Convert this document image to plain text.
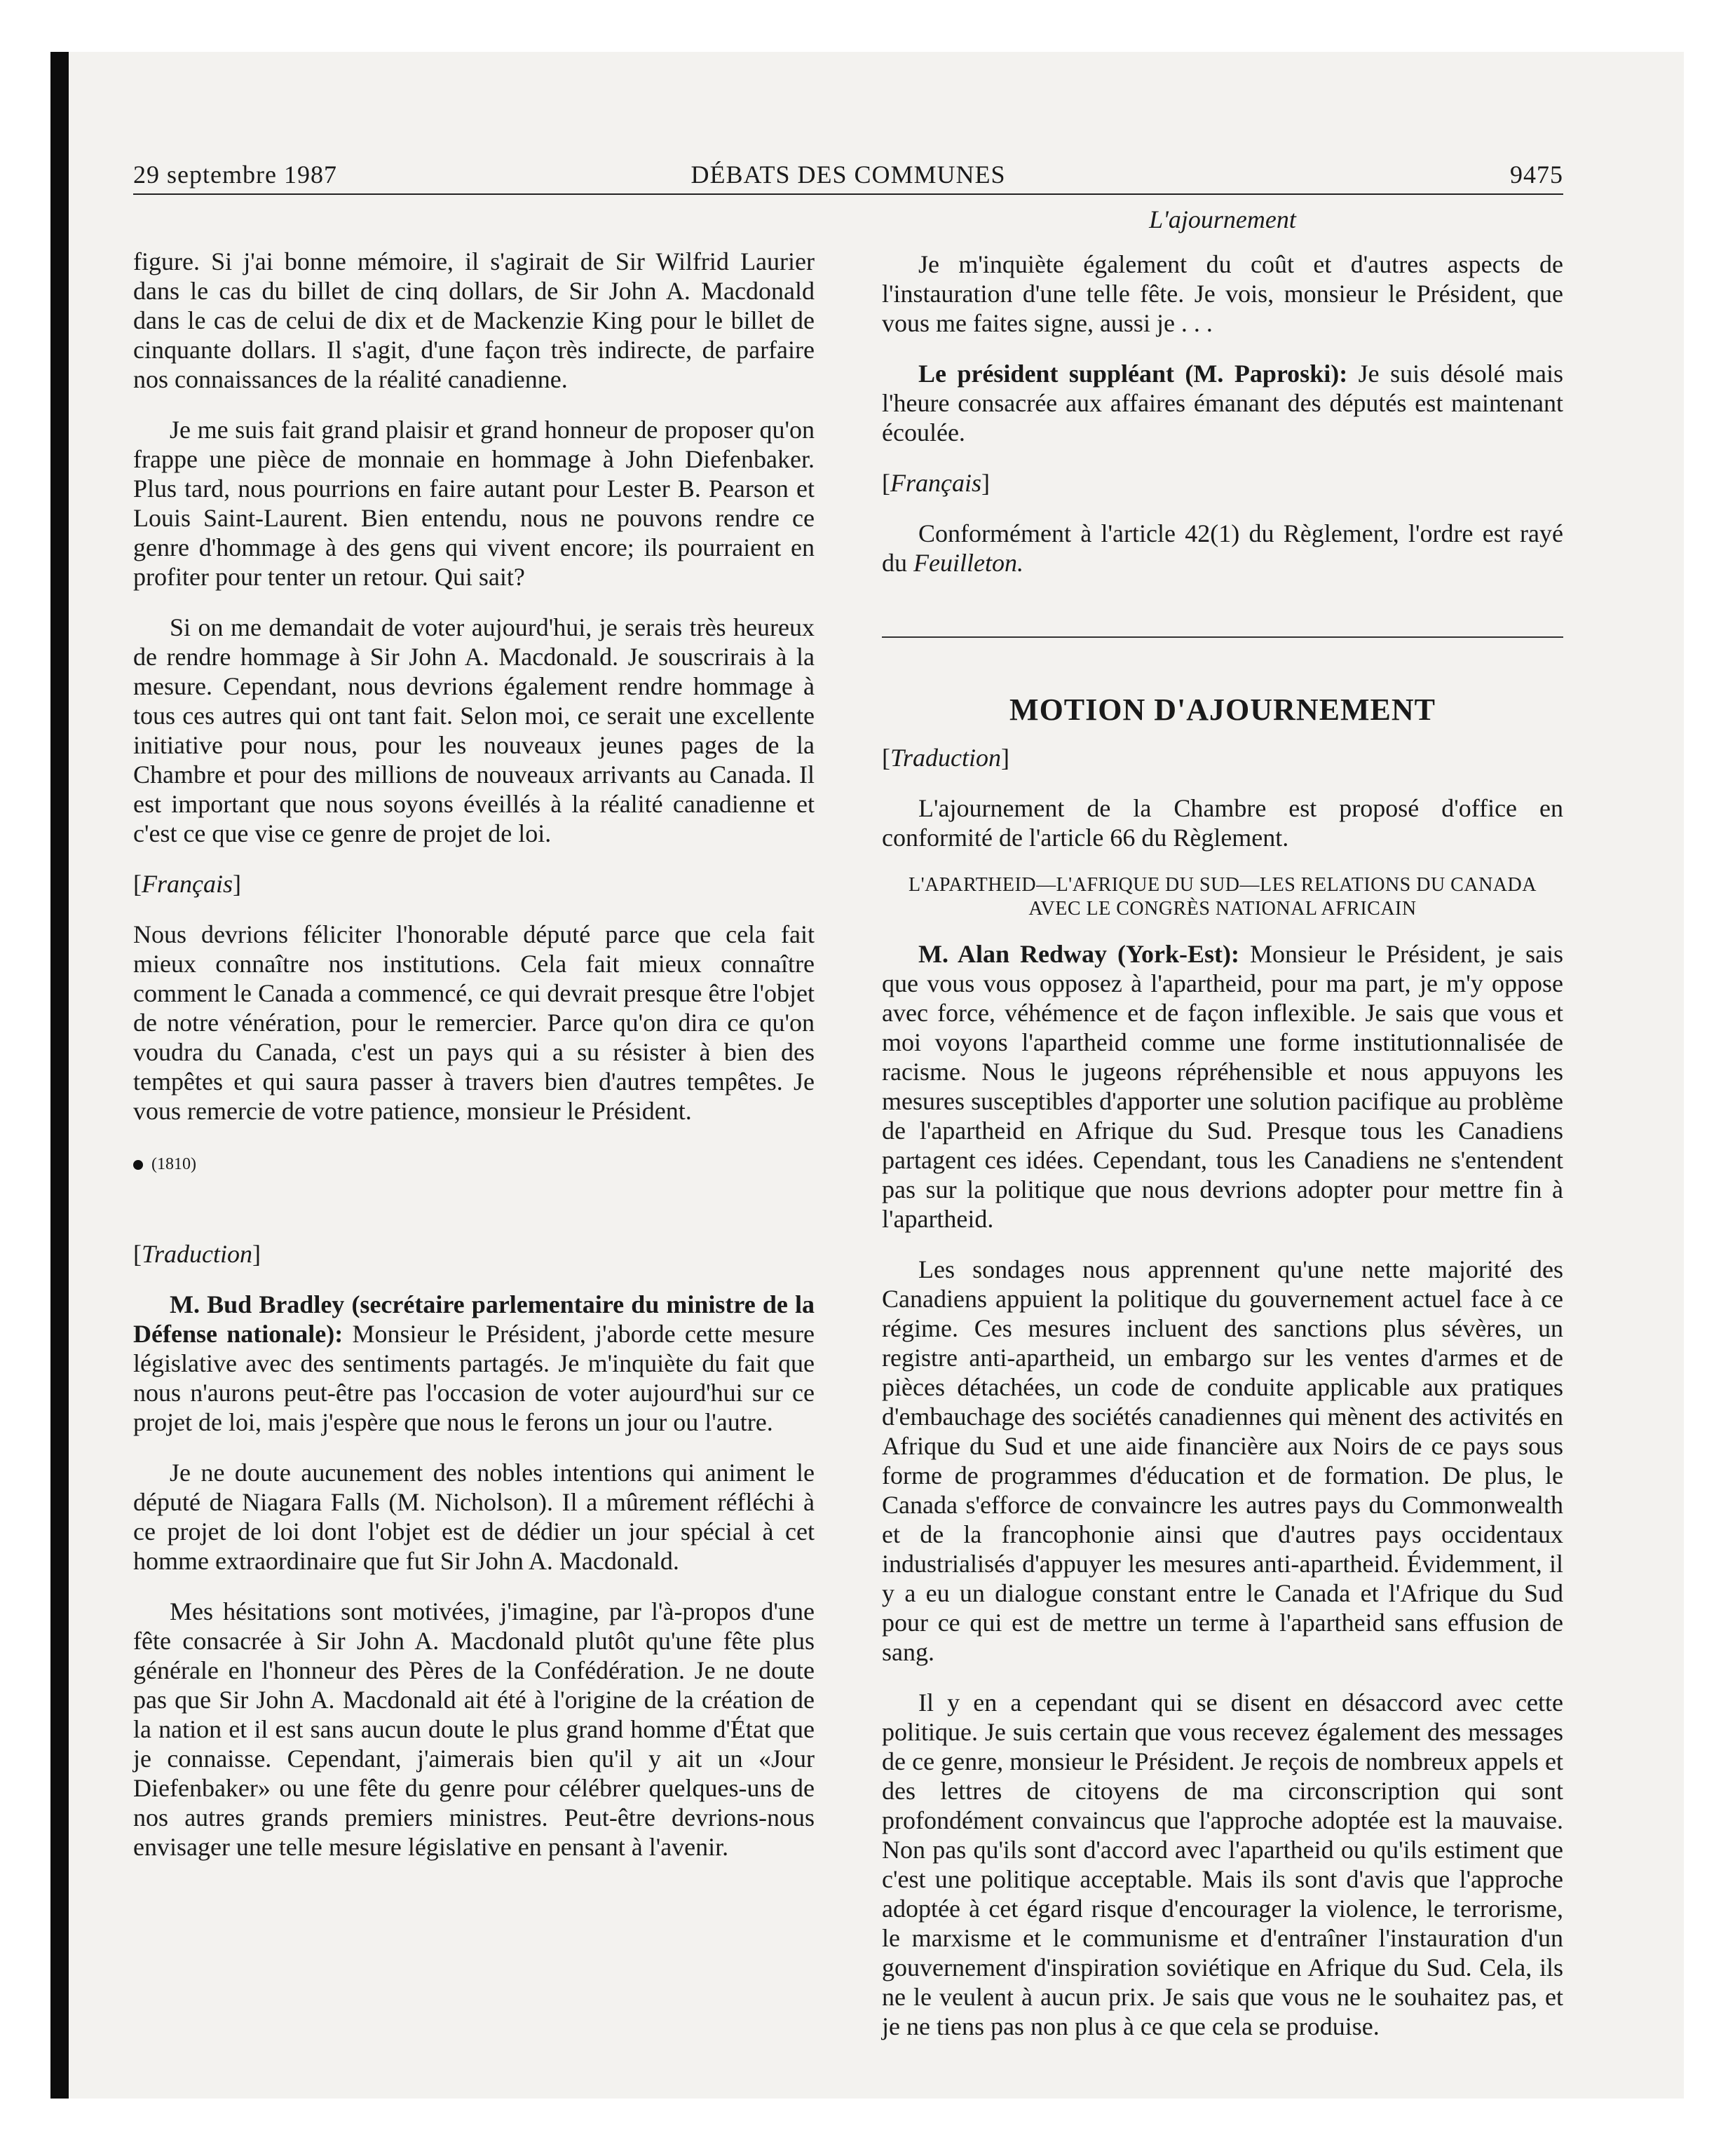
29 septembre 1987	DÉBATS DES COMMUNES	9475
L'ajournement

figure. Si j'ai bonne mémoire, il s'agirait de Sir Wilfrid Laurier dans le cas du billet de cinq dollars, de Sir John A. Macdonald dans le cas de celui de dix et de Mackenzie King pour le billet de cinquante dollars. Il s'agit, d'une façon très indirecte, de parfaire nos connaissances de la réalité canadienne.

Je me suis fait grand plaisir et grand honneur de proposer qu'on frappe une pièce de monnaie en hommage à John Diefenbaker. Plus tard, nous pourrions en faire autant pour Lester B. Pearson et Louis Saint-Laurent. Bien entendu, nous ne pouvons rendre ce genre d'hommage à des gens qui vivent encore; ils pourraient en profiter pour tenter un retour. Qui sait?

Si on me demandait de voter aujourd'hui, je serais très heureux de rendre hommage à Sir John A. Macdonald. Je souscrirais à la mesure. Cependant, nous devrions également rendre hommage à tous ces autres qui ont tant fait. Selon moi, ce serait une excellente initiative pour nous, pour les nouveaux jeunes pages de la Chambre et pour des millions de nouveaux arrivants au Canada. Il est important que nous soyons éveillés à la réalité canadienne et c'est ce que vise ce genre de projet de loi.

[Français]

Nous devrions féliciter l'honorable député parce que cela fait mieux connaître nos institutions. Cela fait mieux connaître comment le Canada a commencé, ce qui devrait presque être l'objet de notre vénération, pour le remercier. Parce qu'on dira ce qu'on voudra du Canada, c'est un pays qui a su résister à bien des tempêtes et qui saura passer à travers bien d'autres tempêtes. Je vous remercie de votre patience, monsieur le Président.

(1810)
[Traduction]

M. Bud Bradley (secrétaire parlementaire du ministre de la Défense nationale): Monsieur le Président, j'aborde cette mesure législative avec des sentiments partagés. Je m'inquiète du fait que nous n'aurons peut-être pas l'occasion de voter aujourd'hui sur ce projet de loi, mais j'espère que nous le ferons un jour ou l'autre.

Je ne doute aucunement des nobles intentions qui animent le député de Niagara Falls (M. Nicholson). Il a mûrement réfléchi à ce projet de loi dont l'objet est de dédier un jour spécial à cet homme extraordinaire que fut Sir John A. Macdonald.

Mes hésitations sont motivées, j'imagine, par l'à-propos d'une fête consacrée à Sir John A. Macdonald plutôt qu'une fête plus générale en l'honneur des Pères de la Confédération. Je ne doute pas que Sir John A. Macdonald ait été à l'origine de la création de la nation et il est sans aucun doute le plus grand homme d'État que je connaisse. Cependant, j'aimerais bien qu'il y ait un «Jour Diefenbaker» ou une fête du genre pour célébrer quelques-uns de nos autres grands premiers ministres. Peut-être devrions-nous envisager une telle mesure législative en pensant à l'avenir.

Je m'inquiète également du coût et d'autres aspects de l'instauration d'une telle fête. Je vois, monsieur le Président, que vous me faites signe, aussi je . . .

Le président suppléant (M. Paproski): Je suis désolé mais l'heure consacrée aux affaires émanant des députés est maintenant écoulée.

[Français]

Conformément à l'article 42(1) du Règlement, l'ordre est rayé du Feuilleton.

MOTION D'AJOURNEMENT
[Traduction]

L'ajournement de la Chambre est proposé d'office en conformité de l'article 66 du Règlement.

L'APARTHEID—L'AFRIQUE DU SUD—LES RELATIONS DU CANADA AVEC LE CONGRÈS NATIONAL AFRICAIN

M. Alan Redway (York-Est): Monsieur le Président, je sais que vous vous opposez à l'apartheid, pour ma part, je m'y oppose avec force, véhémence et de façon inflexible. Je sais que vous et moi voyons l'apartheid comme une forme institutionnalisée de racisme. Nous le jugeons répréhensible et nous appuyons les mesures susceptibles d'apporter une solution pacifique au problème de l'apartheid en Afrique du Sud. Presque tous les Canadiens partagent ces idées. Cependant, tous les Canadiens ne s'entendent pas sur la politique que nous devrions adopter pour mettre fin à l'apartheid.

Les sondages nous apprennent qu'une nette majorité des Canadiens appuient la politique du gouvernement actuel face à ce régime. Ces mesures incluent des sanctions plus sévères, un registre anti-apartheid, un embargo sur les ventes d'armes et de pièces détachées, un code de conduite applicable aux pratiques d'embauchage des sociétés canadiennes qui mènent des activités en Afrique du Sud et une aide financière aux Noirs de ce pays sous forme de programmes d'éducation et de formation. De plus, le Canada s'efforce de convaincre les autres pays du Commonwealth et de la francophonie ainsi que d'autres pays occidentaux industrialisés d'appuyer les mesures anti-apartheid. Évidemment, il y a eu un dialogue constant entre le Canada et l'Afrique du Sud pour ce qui est de mettre un terme à l'apartheid sans effusion de sang.

Il y en a cependant qui se disent en désaccord avec cette politique. Je suis certain que vous recevez également des messages de ce genre, monsieur le Président. Je reçois de nombreux appels et des lettres de citoyens de ma circonscription qui sont profondément convaincus que l'approche adoptée est la mauvaise. Non pas qu'ils sont d'accord avec l'apartheid ou qu'ils estiment que c'est une politique acceptable. Mais ils sont d'avis que l'approche adoptée à cet égard risque d'encourager la violence, le terrorisme, le marxisme et le communisme et d'entraîner l'instauration d'un gouvernement d'inspiration soviétique en Afrique du Sud. Cela, ils ne le veulent à aucun prix. Je sais que vous ne le souhaitez pas, et je ne tiens pas non plus à ce que cela se produise.
